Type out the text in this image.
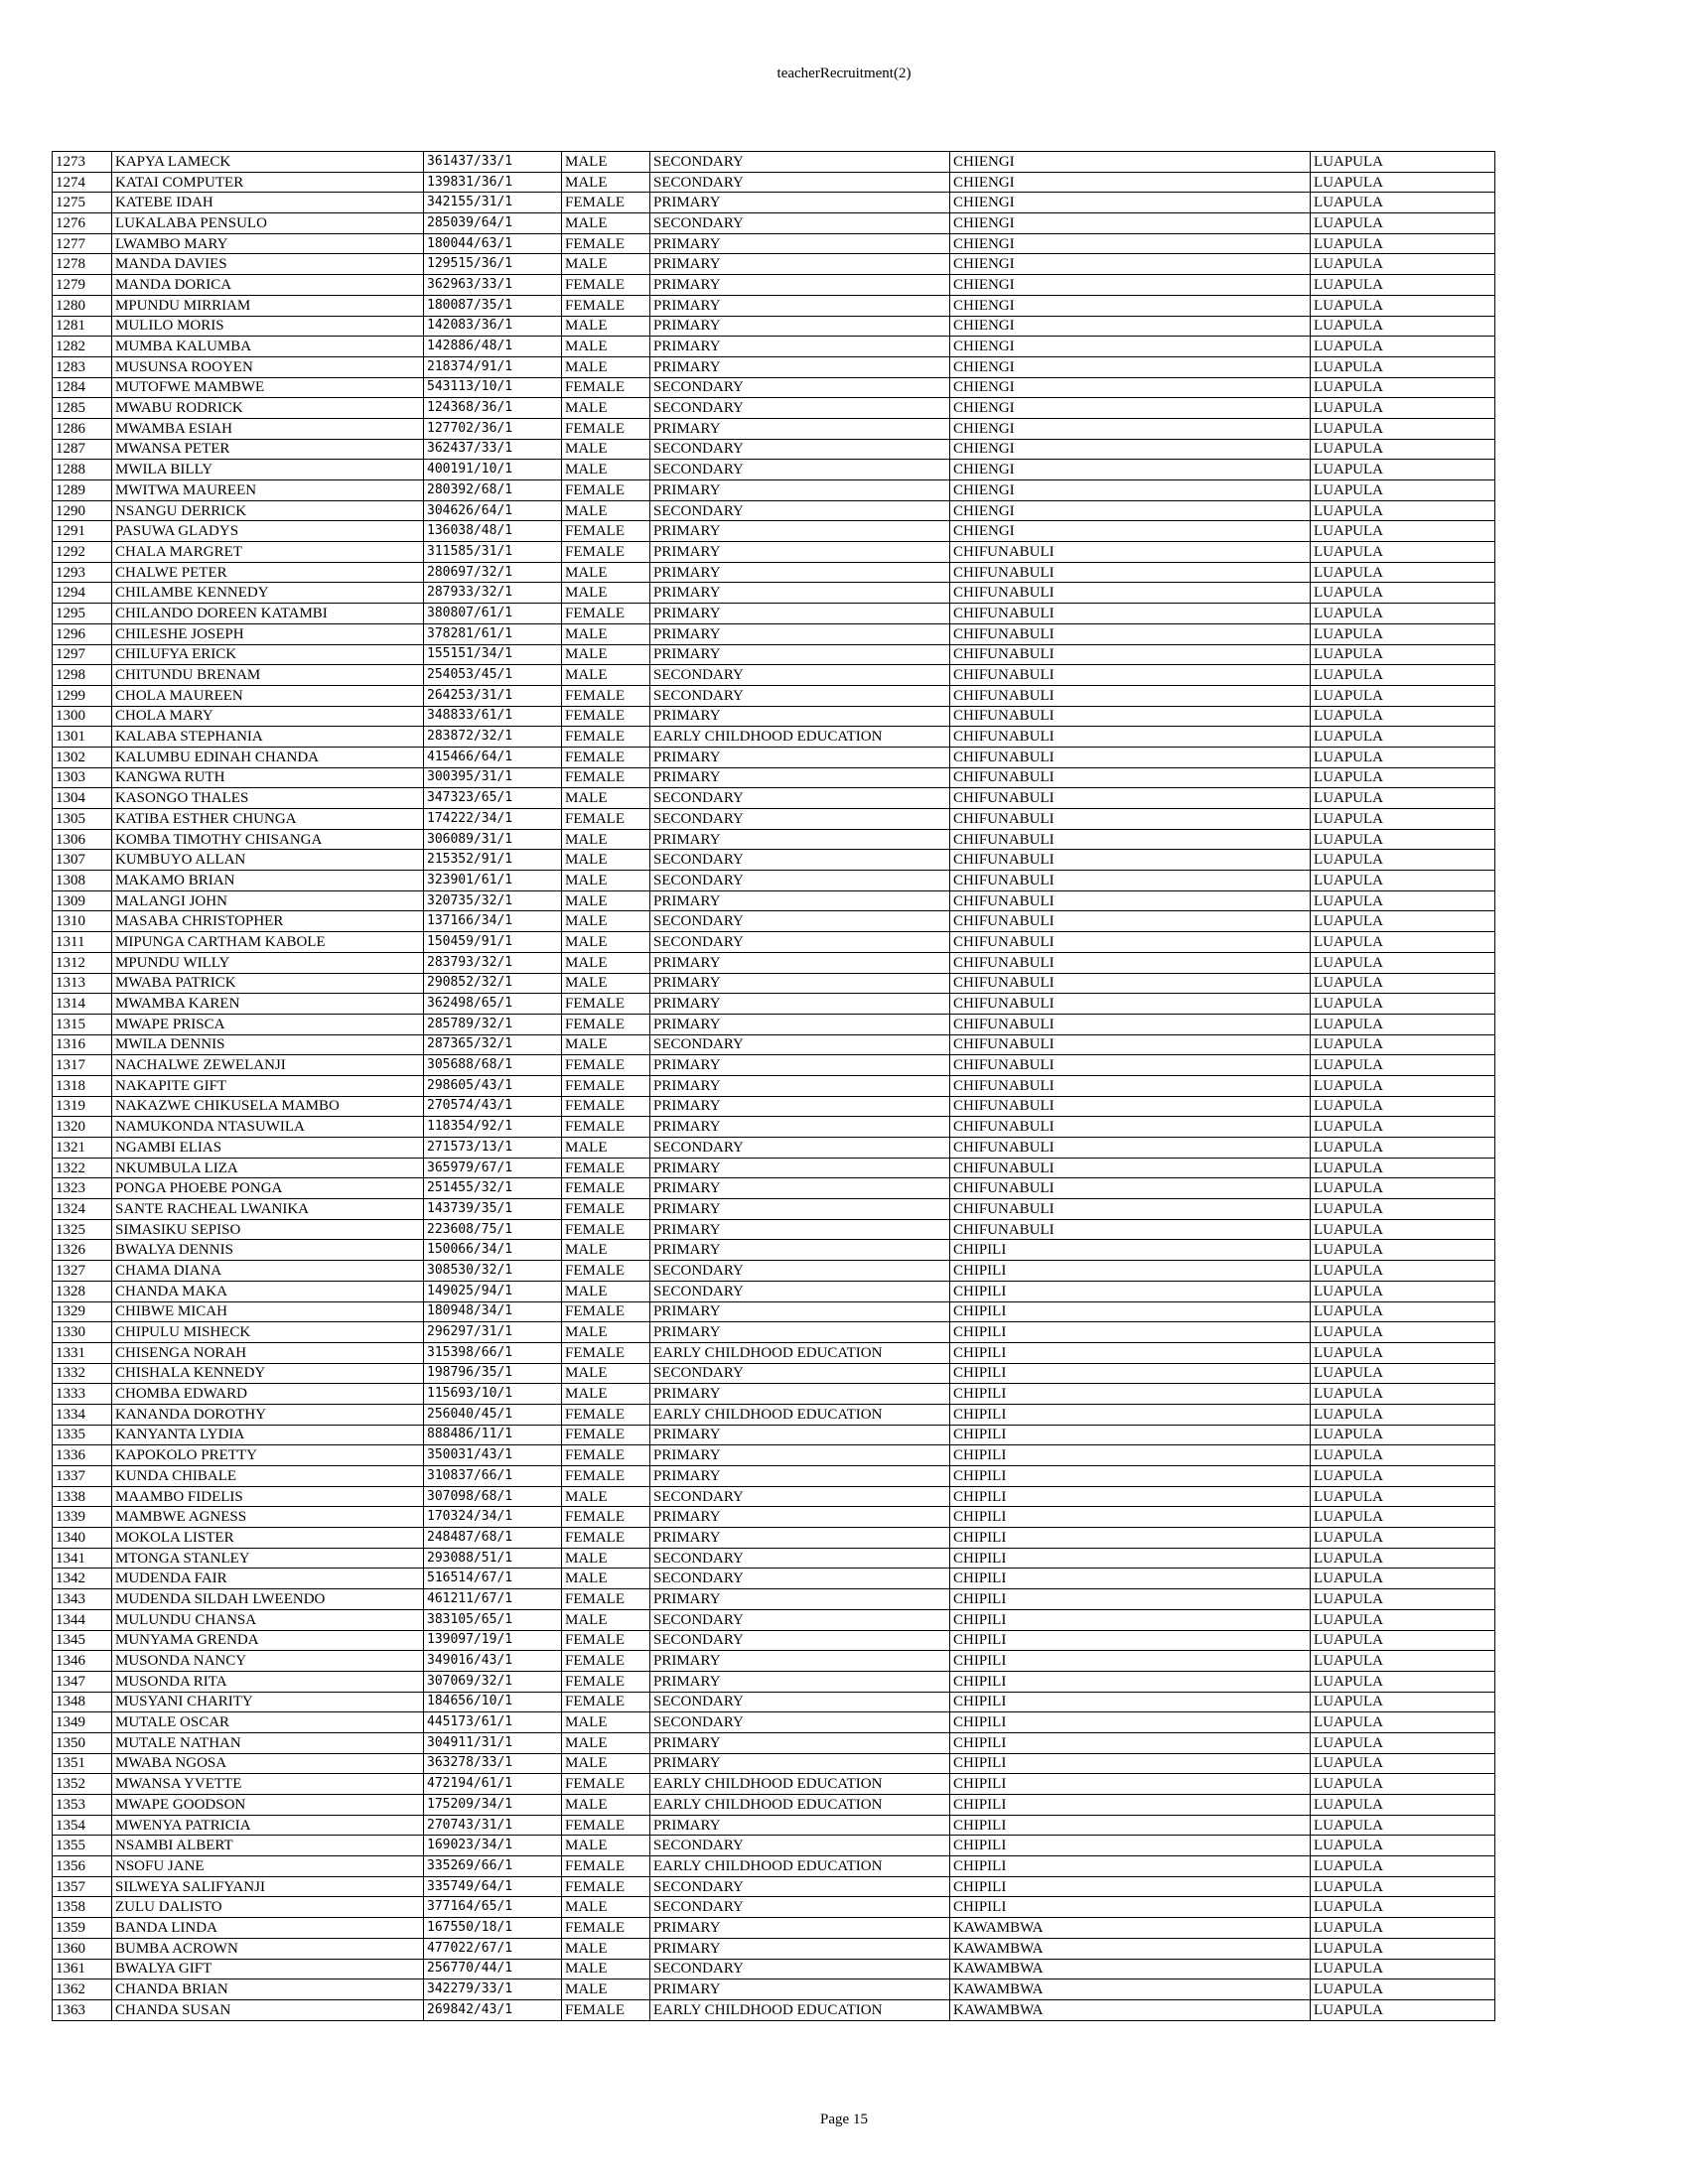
teacherRecruitment(2)
1273	KAPYA LAMECK	361437/33/1	MALE	SECONDARY	CHIENGI	LUAPULA
1274	KATAI COMPUTER	139831/36/1	MALE	SECONDARY	CHIENGI	LUAPULA
1275	KATEBE IDAH	342155/31/1	FEMALE	PRIMARY	CHIENGI	LUAPULA
1276	LUKALABA PENSULO	285039/64/1	MALE	SECONDARY	CHIENGI	LUAPULA
1277	LWAMBO MARY	180044/63/1	FEMALE	PRIMARY	CHIENGI	LUAPULA
1278	MANDA DAVIES	129515/36/1	MALE	PRIMARY	CHIENGI	LUAPULA
1279	MANDA DORICA	362963/33/1	FEMALE	PRIMARY	CHIENGI	LUAPULA
1280	MPUNDU MIRRIAM	180087/35/1	FEMALE	PRIMARY	CHIENGI	LUAPULA
1281	MULILO MORIS	142083/36/1	MALE	PRIMARY	CHIENGI	LUAPULA
1282	MUMBA KALUMBA	142886/48/1	MALE	PRIMARY	CHIENGI	LUAPULA
1283	MUSUNSA ROOYEN	218374/91/1	MALE	PRIMARY	CHIENGI	LUAPULA
1284	MUTOFWE MAMBWE	543113/10/1	FEMALE	SECONDARY	CHIENGI	LUAPULA
1285	MWABU RODRICK	124368/36/1	MALE	SECONDARY	CHIENGI	LUAPULA
1286	MWAMBA ESIAH	127702/36/1	FEMALE	PRIMARY	CHIENGI	LUAPULA
1287	MWANSA PETER	362437/33/1	MALE	SECONDARY	CHIENGI	LUAPULA
1288	MWILA BILLY	400191/10/1	MALE	SECONDARY	CHIENGI	LUAPULA
1289	MWITWA MAUREEN	280392/68/1	FEMALE	PRIMARY	CHIENGI	LUAPULA
1290	NSANGU DERRICK	304626/64/1	MALE	SECONDARY	CHIENGI	LUAPULA
1291	PASUWA GLADYS	136038/48/1	FEMALE	PRIMARY	CHIENGI	LUAPULA
1292	CHALA MARGRET	311585/31/1	FEMALE	PRIMARY	CHIFUNABULI	LUAPULA
1293	CHALWE PETER	280697/32/1	MALE	PRIMARY	CHIFUNABULI	LUAPULA
1294	CHILAMBE KENNEDY	287933/32/1	MALE	PRIMARY	CHIFUNABULI	LUAPULA
1295	CHILANDO DOREEN KATAMBI	380807/61/1	FEMALE	PRIMARY	CHIFUNABULI	LUAPULA
1296	CHILESHE JOSEPH	378281/61/1	MALE	PRIMARY	CHIFUNABULI	LUAPULA
1297	CHILUFYA ERICK	155151/34/1	MALE	PRIMARY	CHIFUNABULI	LUAPULA
1298	CHITUNDU BRENAM	254053/45/1	MALE	SECONDARY	CHIFUNABULI	LUAPULA
1299	CHOLA MAUREEN	264253/31/1	FEMALE	SECONDARY	CHIFUNABULI	LUAPULA
1300	CHOLA MARY	348833/61/1	FEMALE	PRIMARY	CHIFUNABULI	LUAPULA
1301	KALABA STEPHANIA	283872/32/1	FEMALE	EARLY CHILDHOOD EDUCATION	CHIFUNABULI	LUAPULA
1302	KALUMBU EDINAH CHANDA	415466/64/1	FEMALE	PRIMARY	CHIFUNABULI	LUAPULA
1303	KANGWA RUTH	300395/31/1	FEMALE	PRIMARY	CHIFUNABULI	LUAPULA
1304	KASONGO THALES	347323/65/1	MALE	SECONDARY	CHIFUNABULI	LUAPULA
1305	KATIBA ESTHER CHUNGA	174222/34/1	FEMALE	SECONDARY	CHIFUNABULI	LUAPULA
1306	KOMBA TIMOTHY CHISANGA	306089/31/1	MALE	PRIMARY	CHIFUNABULI	LUAPULA
1307	KUMBUYO ALLAN	215352/91/1	MALE	SECONDARY	CHIFUNABULI	LUAPULA
1308	MAKAMO BRIAN	323901/61/1	MALE	SECONDARY	CHIFUNABULI	LUAPULA
1309	MALANGI JOHN	320735/32/1	MALE	PRIMARY	CHIFUNABULI	LUAPULA
1310	MASABA CHRISTOPHER	137166/34/1	MALE	SECONDARY	CHIFUNABULI	LUAPULA
1311	MIPUNGA CARTHAM KABOLE	150459/91/1	MALE	SECONDARY	CHIFUNABULI	LUAPULA
1312	MPUNDU WILLY	283793/32/1	MALE	PRIMARY	CHIFUNABULI	LUAPULA
1313	MWABA PATRICK	290852/32/1	MALE	PRIMARY	CHIFUNABULI	LUAPULA
1314	MWAMBA KAREN	362498/65/1	FEMALE	PRIMARY	CHIFUNABULI	LUAPULA
1315	MWAPE PRISCA	285789/32/1	FEMALE	PRIMARY	CHIFUNABULI	LUAPULA
1316	MWILA DENNIS	287365/32/1	MALE	SECONDARY	CHIFUNABULI	LUAPULA
1317	NACHALWE ZEWELANJI	305688/68/1	FEMALE	PRIMARY	CHIFUNABULI	LUAPULA
1318	NAKAPITE GIFT	298605/43/1	FEMALE	PRIMARY	CHIFUNABULI	LUAPULA
1319	NAKAZWE CHIKUSELA MAMBO	270574/43/1	FEMALE	PRIMARY	CHIFUNABULI	LUAPULA
1320	NAMUKONDA NTASUWILA	118354/92/1	FEMALE	PRIMARY	CHIFUNABULI	LUAPULA
1321	NGAMBI ELIAS	271573/13/1	MALE	SECONDARY	CHIFUNABULI	LUAPULA
1322	NKUMBULA LIZA	365979/67/1	FEMALE	PRIMARY	CHIFUNABULI	LUAPULA
1323	PONGA PHOEBE PONGA	251455/32/1	FEMALE	PRIMARY	CHIFUNABULI	LUAPULA
1324	SANTE RACHEAL LWANIKA	143739/35/1	FEMALE	PRIMARY	CHIFUNABULI	LUAPULA
1325	SIMASIKU SEPISO	223608/75/1	FEMALE	PRIMARY	CHIFUNABULI	LUAPULA
1326	BWALYA DENNIS	150066/34/1	MALE	PRIMARY	CHIPILI	LUAPULA
1327	CHAMA DIANA	308530/32/1	FEMALE	SECONDARY	CHIPILI	LUAPULA
1328	CHANDA MAKA	149025/94/1	MALE	SECONDARY	CHIPILI	LUAPULA
1329	CHIBWE MICAH	180948/34/1	FEMALE	PRIMARY	CHIPILI	LUAPULA
1330	CHIPULU MISHECK	296297/31/1	MALE	PRIMARY	CHIPILI	LUAPULA
1331	CHISENGA NORAH	315398/66/1	FEMALE	EARLY CHILDHOOD EDUCATION	CHIPILI	LUAPULA
1332	CHISHALA KENNEDY	198796/35/1	MALE	SECONDARY	CHIPILI	LUAPULA
1333	CHOMBA EDWARD	115693/10/1	MALE	PRIMARY	CHIPILI	LUAPULA
1334	KANANDA DOROTHY	256040/45/1	FEMALE	EARLY CHILDHOOD EDUCATION	CHIPILI	LUAPULA
1335	KANYANTA LYDIA	888486/11/1	FEMALE	PRIMARY	CHIPILI	LUAPULA
1336	KAPOKOLO PRETTY	350031/43/1	FEMALE	PRIMARY	CHIPILI	LUAPULA
1337	KUNDA CHIBALE	310837/66/1	FEMALE	PRIMARY	CHIPILI	LUAPULA
1338	MAAMBO FIDELIS	307098/68/1	MALE	SECONDARY	CHIPILI	LUAPULA
1339	MAMBWE AGNESS	170324/34/1	FEMALE	PRIMARY	CHIPILI	LUAPULA
1340	MOKOLA LISTER	248487/68/1	FEMALE	PRIMARY	CHIPILI	LUAPULA
1341	MTONGA STANLEY	293088/51/1	MALE	SECONDARY	CHIPILI	LUAPULA
1342	MUDENDA FAIR	516514/67/1	MALE	SECONDARY	CHIPILI	LUAPULA
1343	MUDENDA SILDAH LWEENDO	461211/67/1	FEMALE	PRIMARY	CHIPILI	LUAPULA
1344	MULUNDU CHANSA	383105/65/1	MALE	SECONDARY	CHIPILI	LUAPULA
1345	MUNYAMA GRENDA	139097/19/1	FEMALE	SECONDARY	CHIPILI	LUAPULA
1346	MUSONDA NANCY	349016/43/1	FEMALE	PRIMARY	CHIPILI	LUAPULA
1347	MUSONDA RITA	307069/32/1	FEMALE	PRIMARY	CHIPILI	LUAPULA
1348	MUSYANI CHARITY	184656/10/1	FEMALE	SECONDARY	CHIPILI	LUAPULA
1349	MUTALE OSCAR	445173/61/1	MALE	SECONDARY	CHIPILI	LUAPULA
1350	MUTALE NATHAN	304911/31/1	MALE	PRIMARY	CHIPILI	LUAPULA
1351	MWABA NGOSA	363278/33/1	MALE	PRIMARY	CHIPILI	LUAPULA
1352	MWANSA YVETTE	472194/61/1	FEMALE	EARLY CHILDHOOD EDUCATION	CHIPILI	LUAPULA
1353	MWAPE GOODSON	175209/34/1	MALE	EARLY CHILDHOOD EDUCATION	CHIPILI	LUAPULA
1354	MWENYA PATRICIA	270743/31/1	FEMALE	PRIMARY	CHIPILI	LUAPULA
1355	NSAMBI ALBERT	169023/34/1	MALE	SECONDARY	CHIPILI	LUAPULA
1356	NSOFU JANE	335269/66/1	FEMALE	EARLY CHILDHOOD EDUCATION	CHIPILI	LUAPULA
1357	SILWEYA SALIFYANJI	335749/64/1	FEMALE	SECONDARY	CHIPILI	LUAPULA
1358	ZULU DALISTO	377164/65/1	MALE	SECONDARY	CHIPILI	LUAPULA
1359	BANDA LINDA	167550/18/1	FEMALE	PRIMARY	KAWAMBWA	LUAPULA
1360	BUMBA ACROWN	477022/67/1	MALE	PRIMARY	KAWAMBWA	LUAPULA
1361	BWALYA GIFT	256770/44/1	MALE	SECONDARY	KAWAMBWA	LUAPULA
1362	CHANDA BRIAN	342279/33/1	MALE	PRIMARY	KAWAMBWA	LUAPULA
1363	CHANDA SUSAN	269842/43/1	FEMALE	EARLY CHILDHOOD EDUCATION	KAWAMBWA	LUAPULA
Page 15
